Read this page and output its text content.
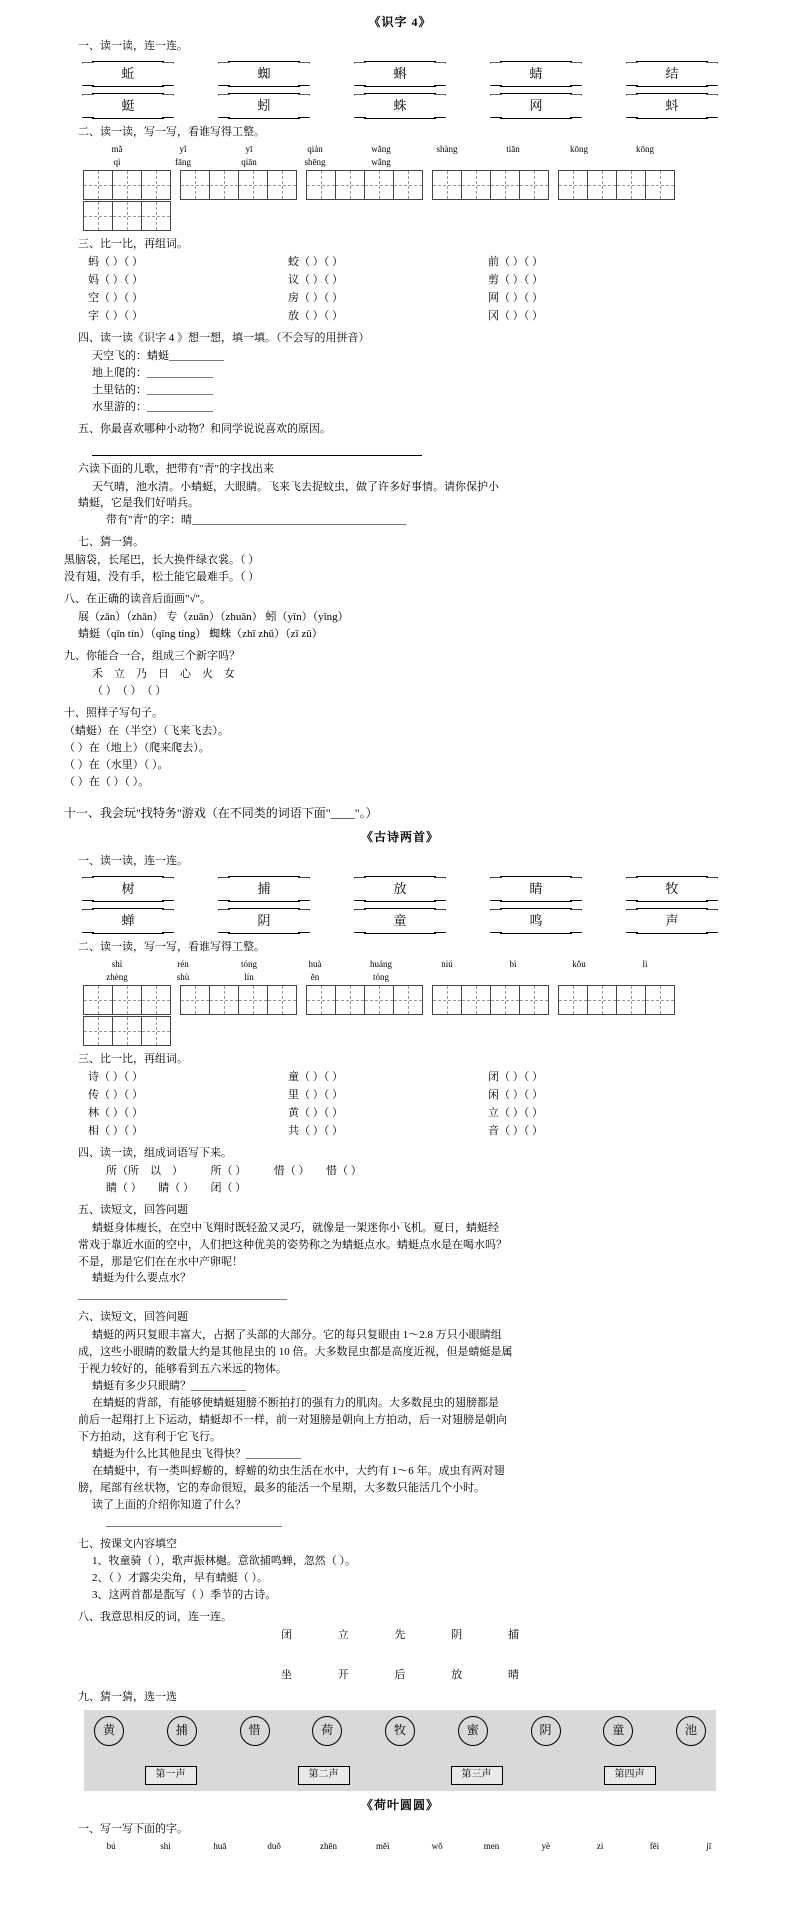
《识字 4》
一、读一读，连一连。
蚯	蜘	蝌	蜻	结
蜓	蚓	蛛	网	蚪
二、读一读，写一写，看谁写得工整。
mǎ	yǐ	yī	qián	wǎng	shàng	tiān	kōng	kōng
qì	fāng	qiān	shēng	wǎng
三、比一比，再组词。
蚂（ ）（ ）	蛟（ ）（ ）	前（ ）（ ）
妈（ ）（ ）	议（ ）（ ）	剪（ ）（ ）
空（ ）（ ）	房（ ）（ ）	网（ ）（ ）
字（ ）（ ）	放（ ）（ ）	冈（ ）（ ）
四、读一读《识字 4 》想一想，填一填。（不会写的用拼音）
天空飞的：蜻蜓__________
地上爬的：____________
土里钻的：____________
水里游的：____________
五、你最喜欢哪种小动物？和同学说说喜欢的原因。
六读下面的儿歌，把带有"青"的字找出来
天气晴，池水清。小蜻蜓，大眼睛。飞来飞去捉蚊虫，做了许多好事情。请你保护小
蜻蜓，它是我们好哨兵。
带有"青"的字：晴_______________________________________
七、猜一猜。
黑脑袋，长尾巴，长大换件绿衣裳。（ ）
没有翅，没有手，松土能它最难手。（ ）
八、在正确的读音后面画"√"。
展（zǎn）（zhǎn） 专（zuān）（zhuān） 蚓（yǐn）（yīng）
蜻蜓（qīn tín）（qīng tíng） 蜘蛛（zhī zhū）（zī zū）
九、你能合一合，组成三个新字吗？
禾　立　乃　日　心　火　女
（ ）　（ ）　（ ）
十、照样子写句子。
（蜻蜓）在（半空）（飞来飞去）。
（ ）在（地上）（爬来爬去）。
（ ）在（水里）（ ）。
（ ）在（ ）（ ）。
十一、我会玩"找特务"游戏（在不同类的词语下面"____"。）
《古诗两首》
一、读一读，连一连。
树	捕	放	睛	牧
蝉	阴	童	鸣	声
二、读一读，写一写，看谁写得工整。
shì	rén	tóng	huà	huáng	niú	bì	kǒu	lì
zhèng	shù	lín	ěn	tóng
三、比一比，再组词。
诗（ ）（ ）	童（ ）（ ）	闭（ ）（ ）
传（ ）（ ）	里（ ）（ ）	闲（ ）（ ）
林（ ）（ ）	黄（ ）（ ）	立（ ）（ ）
相（ ）（ ）	共（ ）（ ）	音（ ）（ ）
四、读一读，组成词语写下来。
所（所　以　）　　　所（ ）　　　惜（ ）　　惜（ ）
睛（ ）　　睛（ ）　　闭（ ）
五、读短文，回答问题
蜻蜓身体瘦长，在空中飞翔时既轻盈又灵巧，就像是一架迷你小飞机。夏日，蜻蜓经
常戏于靠近水面的空中，人们把这种优美的姿势称之为蜻蜓点水。蜻蜓点水是在喝水吗？
不是，那是它们在在水中产卵呢！
蜻蜓为什么要点水？
______________________________________
六、读短文，回答问题
蜻蜓的两只复眼丰富大，占据了头部的大部分。它的每只复眼由 1～2.8 万只小眼睛组
成，这些小眼睛的数量大约是其他昆虫的 10 倍。大多数昆虫都是高度近视，但是蜻蜓是属
于视力较好的，能够看到五六米远的物体。
蜻蜓有多少只眼睛？__________
在蜻蜓的背部，有能够使蜻蜓翅膀不断拍打的强有力的肌肉。大多数昆虫的翅膀都是
前后一起翔打上下运动，蜻蜓却不一样，前一对翅膀是朝向上方拍动，后一对翅膀是朝向
下方拍动，这有利于它飞行。
蜻蜓为什么比其他昆虫飞得快？__________
在蜻蜓中，有一类叫蜉蝣的，蜉蝣的幼虫生活在水中，大约有 1～6 年。成虫有两对翅
膀，尾部有丝状物，它的寿命很短，最多的能活一个星期，大多数只能活几个小时。
读了上面的介绍你知道了什么？
________________________________
七、按课文内容填空
1、牧童骑（ ），歌声振林樾。意欲捕鸣蝉，忽然（ ）。
2、（ ）才露尖尖角，早有蜻蜓（ ）。
3、这两首都是翫写（ ）季节的古诗。
八、我意思相反的词，连一连。
闭	立	先	阴	捕
坐	开	后	放	晴
九、猜一猜，选一选
黄	捕	惜	荷	牧	蜜	阴	童	池
第一声	第二声	第三声	第四声
《荷叶圆圆》
一、写一写下面的字。
bú	shì	huā	duǒ	zhēn	měi	wǒ	men	yè	zi	fēi	jī
